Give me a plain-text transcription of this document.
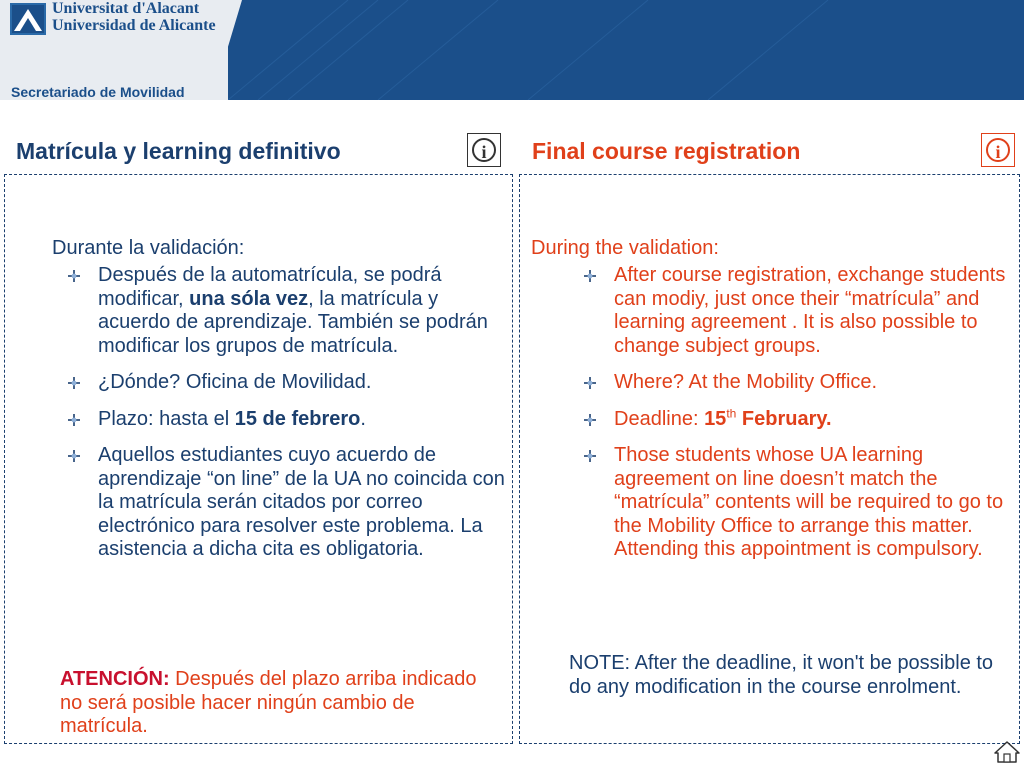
Universitat d'Alacant
Universidad de Alicante
Secretariado de Movilidad
Matrícula y learning definitivo	i	Final course registration	i

Durante la validación:

Después de la automatrícula, se podrá modificar, una sóla vez, la matrícula y acuerdo de aprendizaje. También se podrán modificar los grupos de matrícula.
¿Dónde? Oficina de Movilidad.
Plazo: hasta el 15 de febrero.
Aquellos estudiantes cuyo acuerdo de aprendizaje “on line” de la UA no coincida con la matrícula serán citados por correo electrónico para resolver este problema. La asistencia a dicha cita es obligatoria.

ATENCIÓN: Después del plazo arriba indicado no será posible hacer ningún cambio de matrícula.

During the validation:

After course registration, exchange students can modiy, just once their “matrícula” and learning agreement . It is also possible to change subject groups.
Where? At the Mobility Office.
Deadline: 15th February.
Those students whose UA learning agreement on line doesn’t match the “matrícula” contents will be required to go to the Mobility Office to arrange this matter. Attending this appointment is compulsory.

NOTE: After the deadline, it won't be possible to do any modification in the course enrolment.
